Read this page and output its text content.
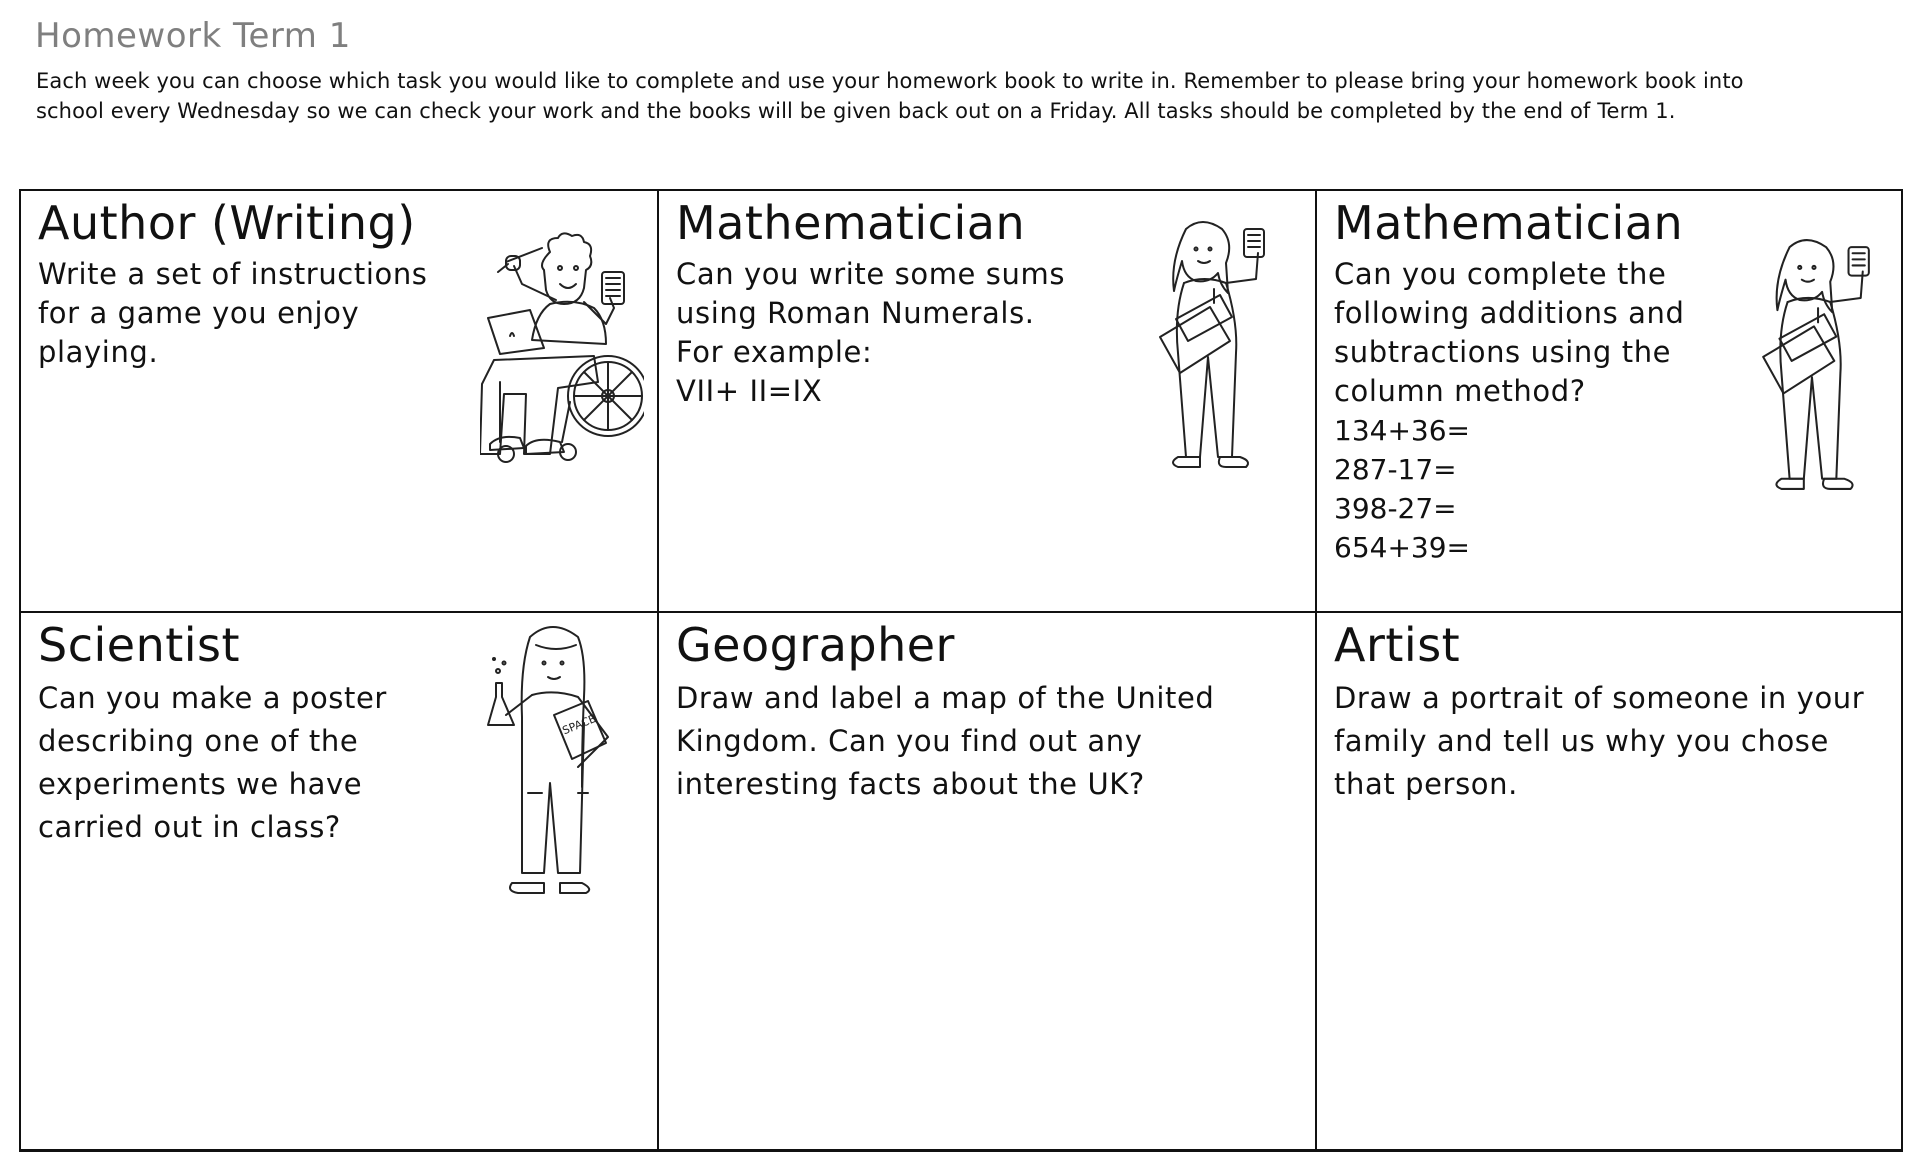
Homework Term 1
Each week you can choose which task you would like to complete and use your homework book to write in. Remember to please bring your homework book into
school every Wednesday so we can check your work and the books will be given back out on a Friday. All tasks should be completed by the end of Term 1.
Author (Writing)
Write a set of instructions
for a game you enjoy
playing.
Mathematician
Can you write some sums
using Roman Numerals.
For example:
VII+ II=IX
Mathematician
Can you complete the
following additions and
subtractions using the
column method?
134+36=
287-17=
398-27=
654+39=
Scientist
Can you make a poster
describing one of the
experiments we have
carried out in class?
SPACE
Geographer
Draw and label a map of the United
Kingdom. Can you find out any
interesting facts about the UK?
Artist
Draw a portrait of someone in your
family and tell us why you chose
that person.
